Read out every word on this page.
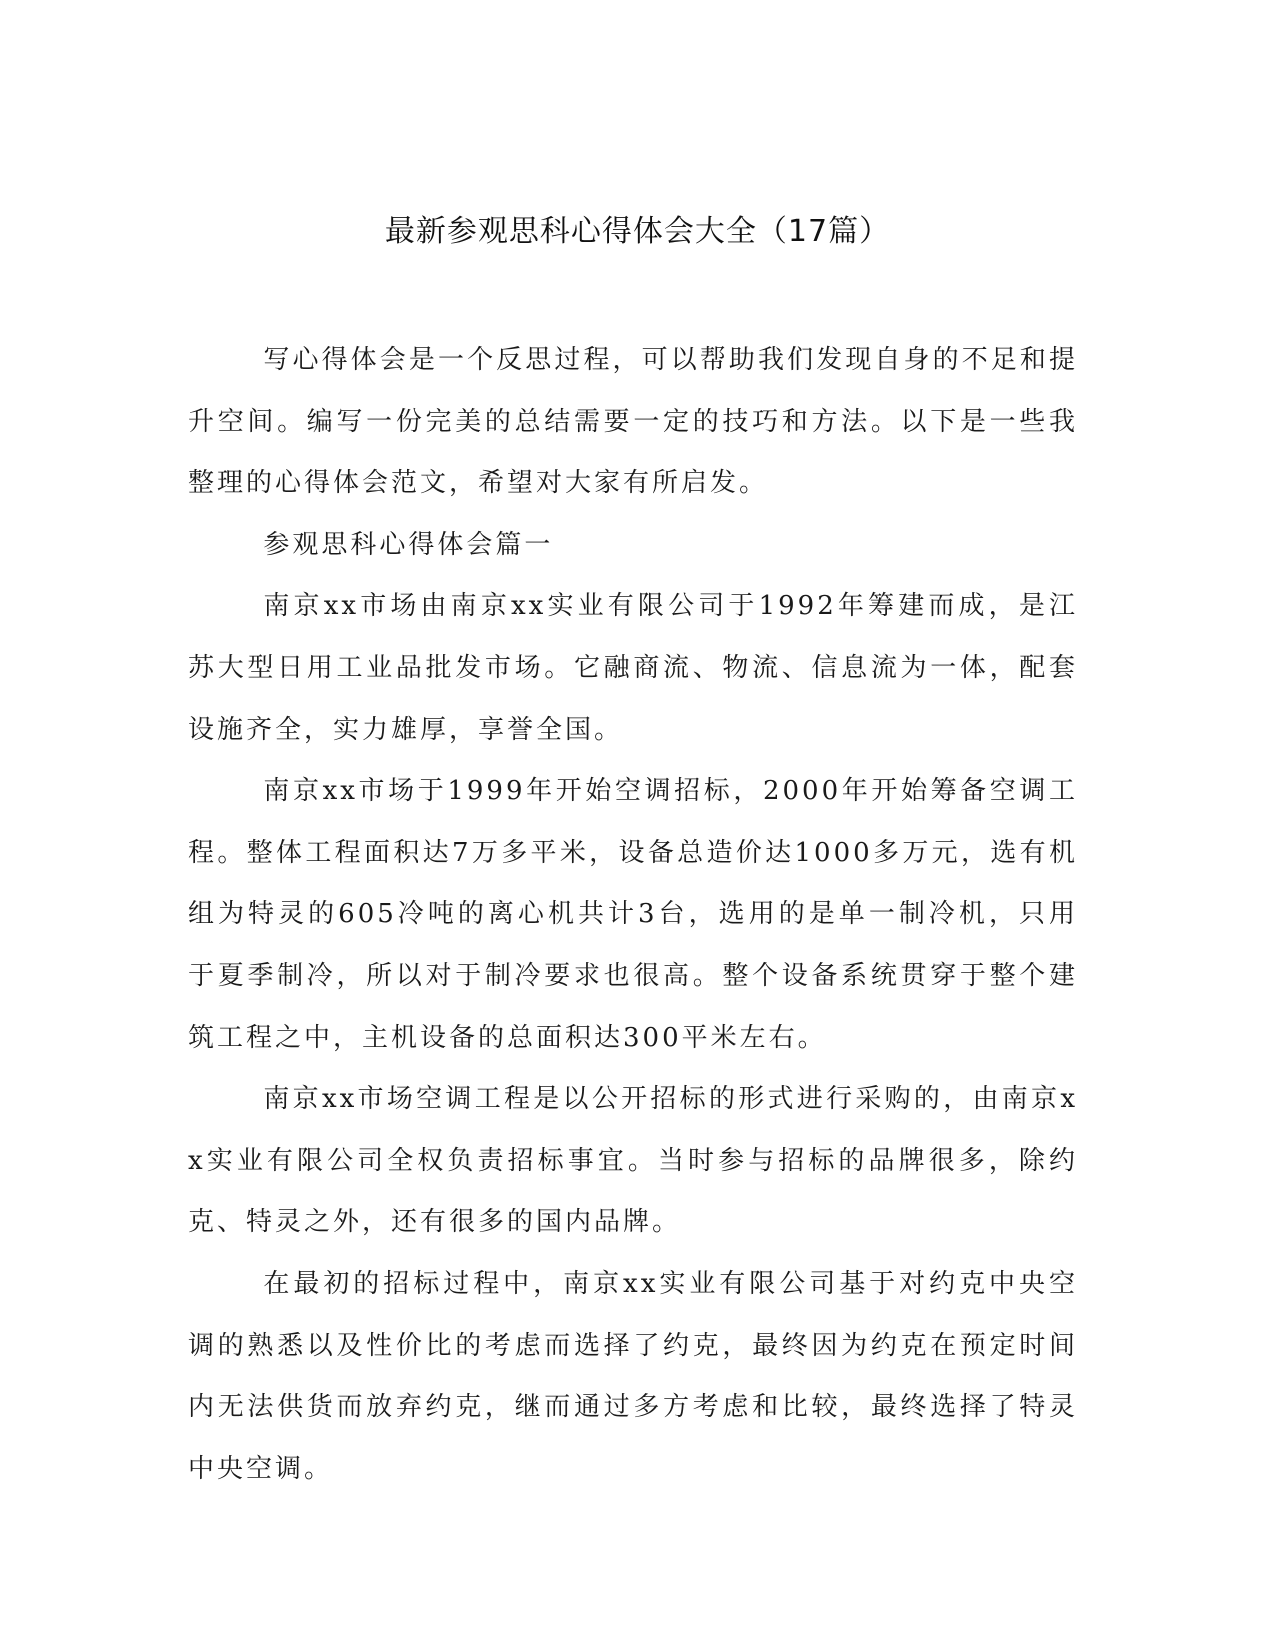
最新参观思科心得体会大全（17篇）

写心得体会是一个反思过程，可以帮助我们发现自身的不足和提升空间。编写一份完美的总结需要一定的技巧和方法。以下是一些我整理的心得体会范文，希望对大家有所启发。

参观思科心得体会篇一

南京xx市场由南京xx实业有限公司于1992年筹建而成，是江苏大型日用工业品批发市场。它融商流、物流、信息流为一体，配套设施齐全，实力雄厚，享誉全国。

南京xx市场于1999年开始空调招标，2000年开始筹备空调工程。整体工程面积达7万多平米，设备总造价达1000多万元，选有机组为特灵的605冷吨的离心机共计3台，选用的是单一制冷机，只用于夏季制冷，所以对于制冷要求也很高。整个设备系统贯穿于整个建筑工程之中，主机设备的总面积达300平米左右。

南京xx市场空调工程是以公开招标的形式进行采购的，由南京xx实业有限公司全权负责招标事宜。当时参与招标的品牌很多，除约克、特灵之外，还有很多的国内品牌。

在最初的招标过程中，南京xx实业有限公司基于对约克中央空调的熟悉以及性价比的考虑而选择了约克，最终因为约克在预定时间内无法供货而放弃约克，继而通过多方考虑和比较，最终选择了特灵中央空调。
